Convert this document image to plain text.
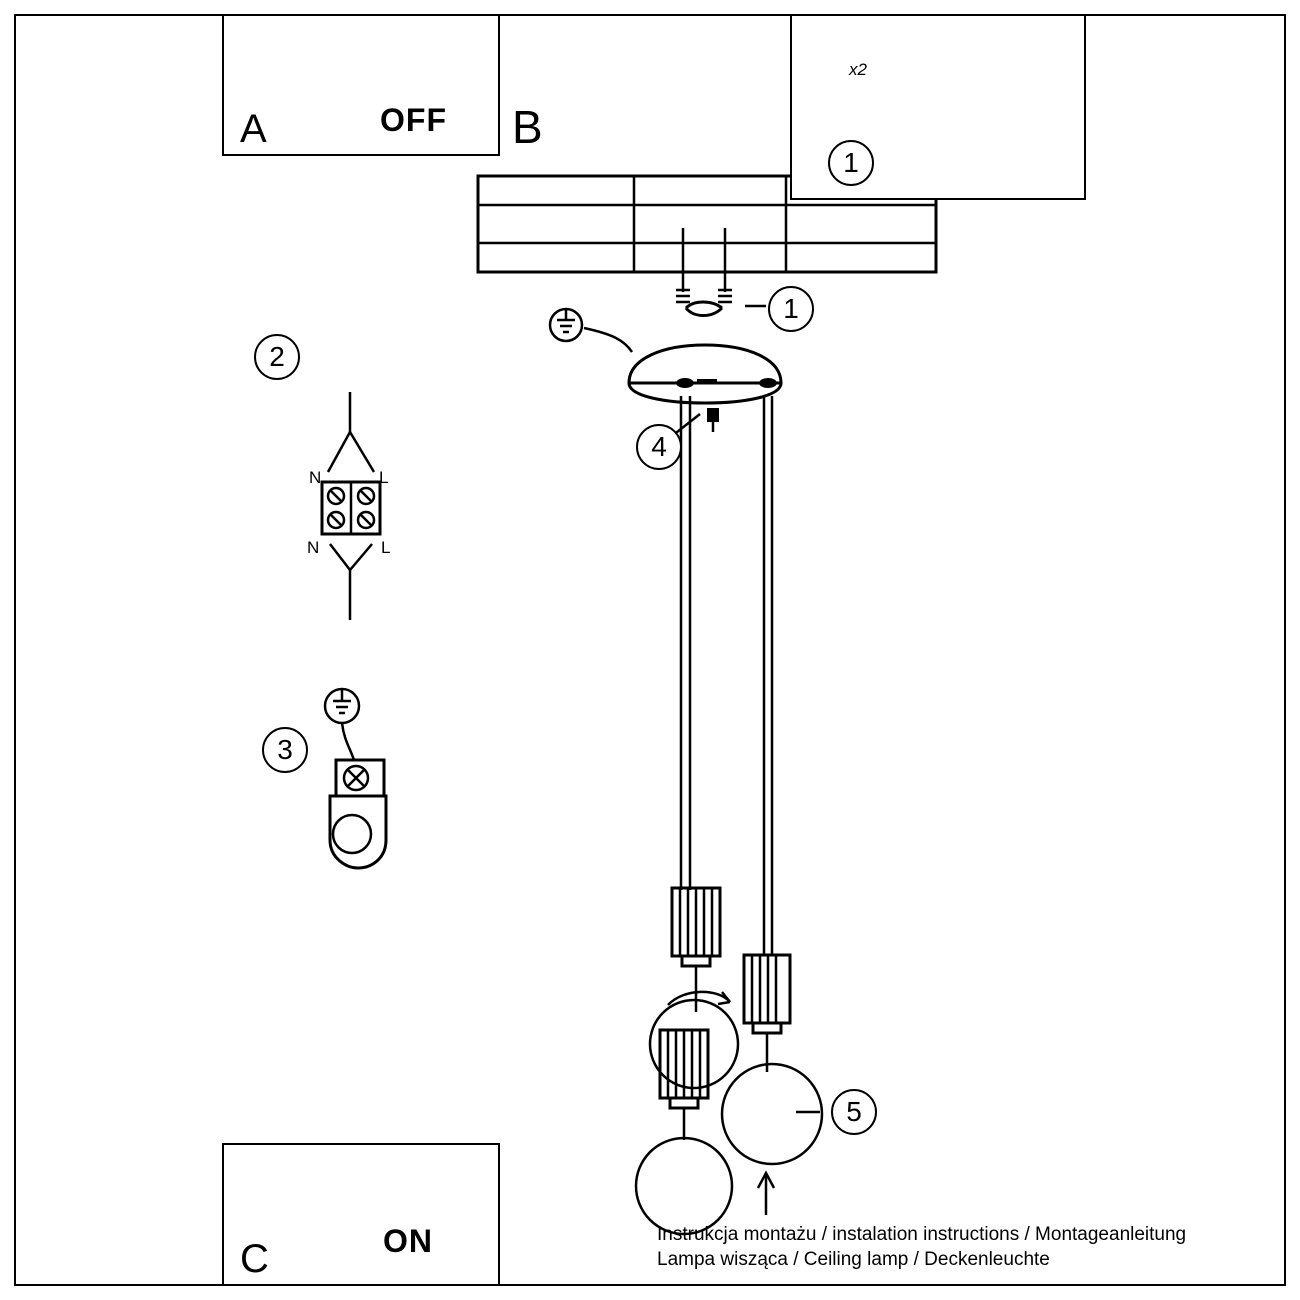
A	B
C
OFF
ON
x2
1
1
2
3
4
5
N	L
N	L
Instrukcja montażu / instalation instructions / Montageanleitung
Lampa wisząca / Ceiling lamp / Deckenleuchte
